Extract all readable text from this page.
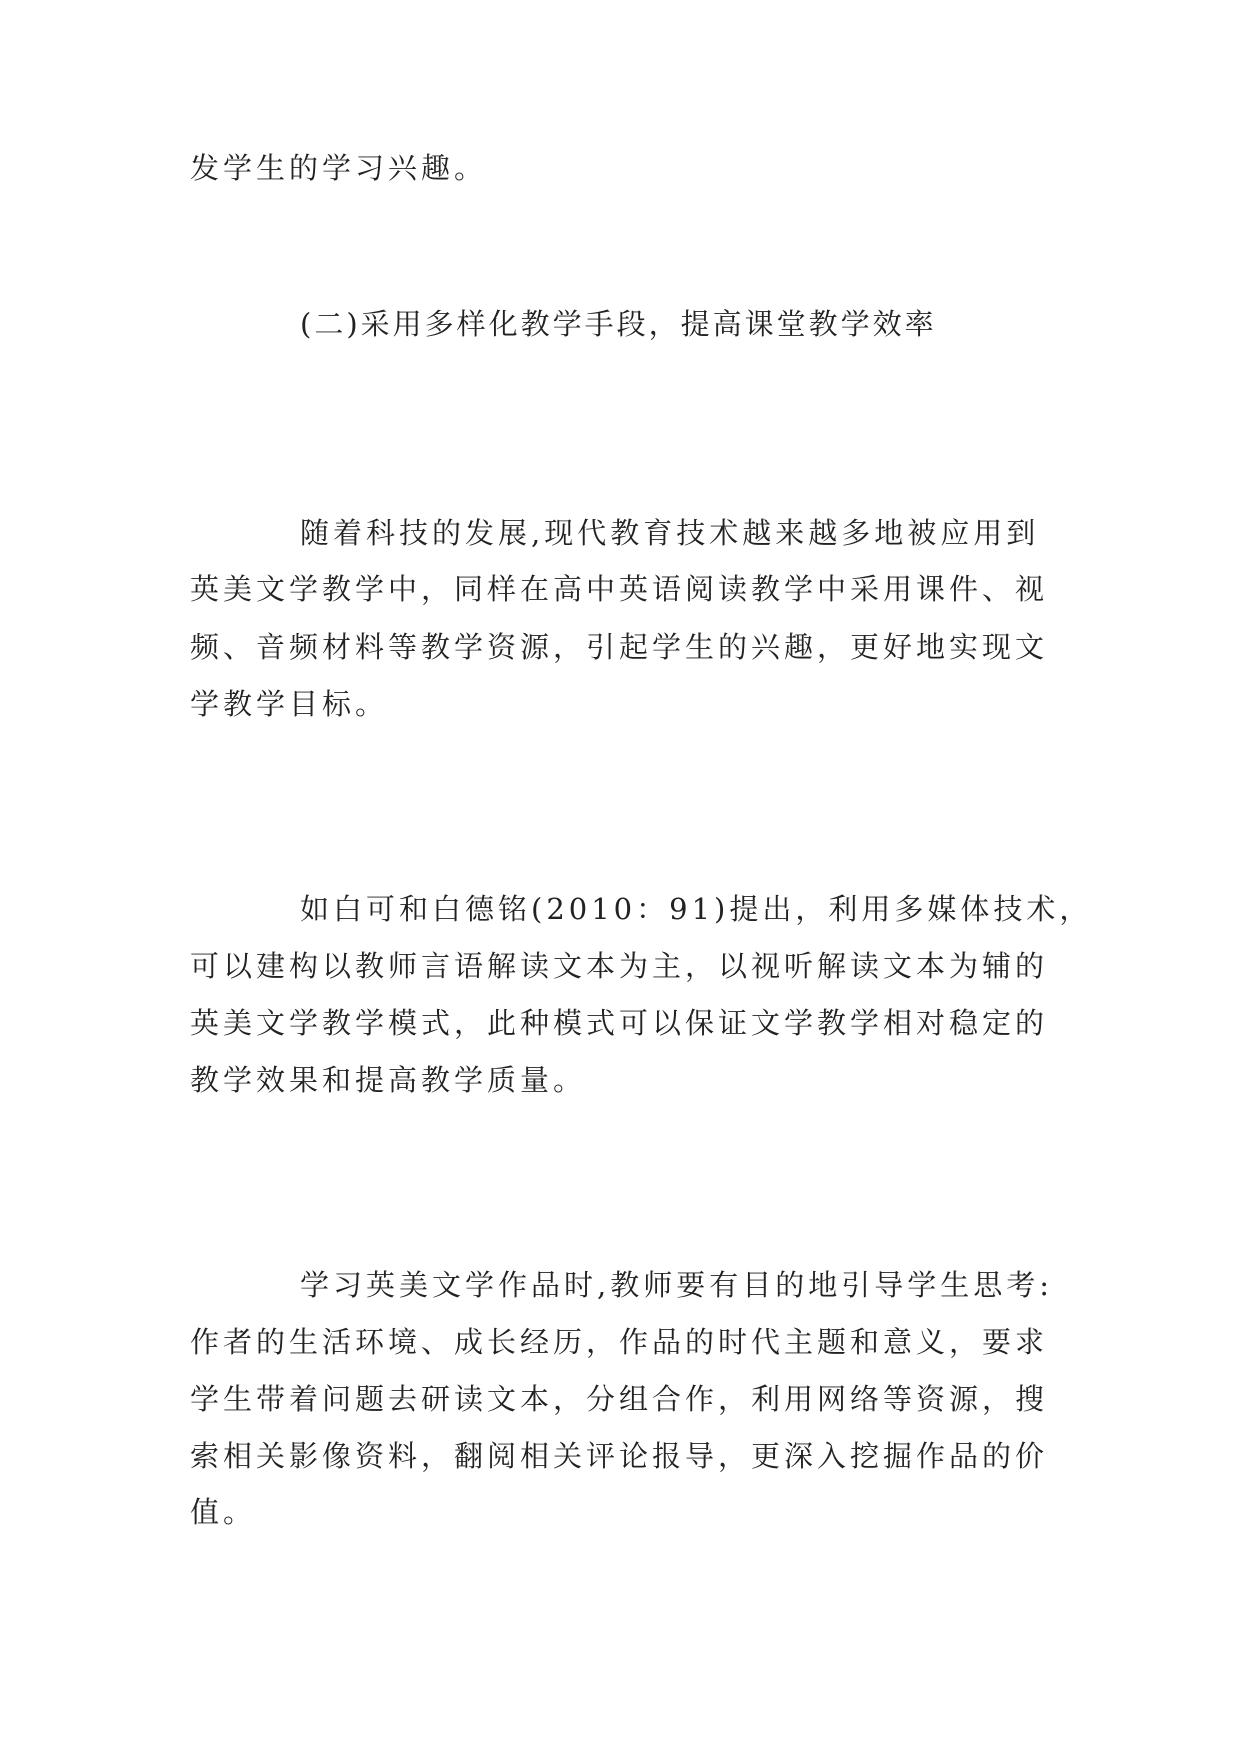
发学生的学习兴趣。
(二)采用多样化教学手段，提高课堂教学效率
随着科技的发展,现代教育技术越来越多地被应用到
英美文学教学中，同样在高中英语阅读教学中采用课件、视
频、音频材料等教学资源，引起学生的兴趣，更好地实现文
学教学目标。
如白可和白德铭(2010：91)提出，利用多媒体技术，
可以建构以教师言语解读文本为主，以视听解读文本为辅的
英美文学教学模式，此种模式可以保证文学教学相对稳定的
教学效果和提高教学质量。
学习英美文学作品时,教师要有目的地引导学生思考:
作者的生活环境、成长经历，作品的时代主题和意义，要求
学生带着问题去研读文本，分组合作，利用网络等资源，搜
索相关影像资料，翻阅相关评论报导，更深入挖掘作品的价
值。
